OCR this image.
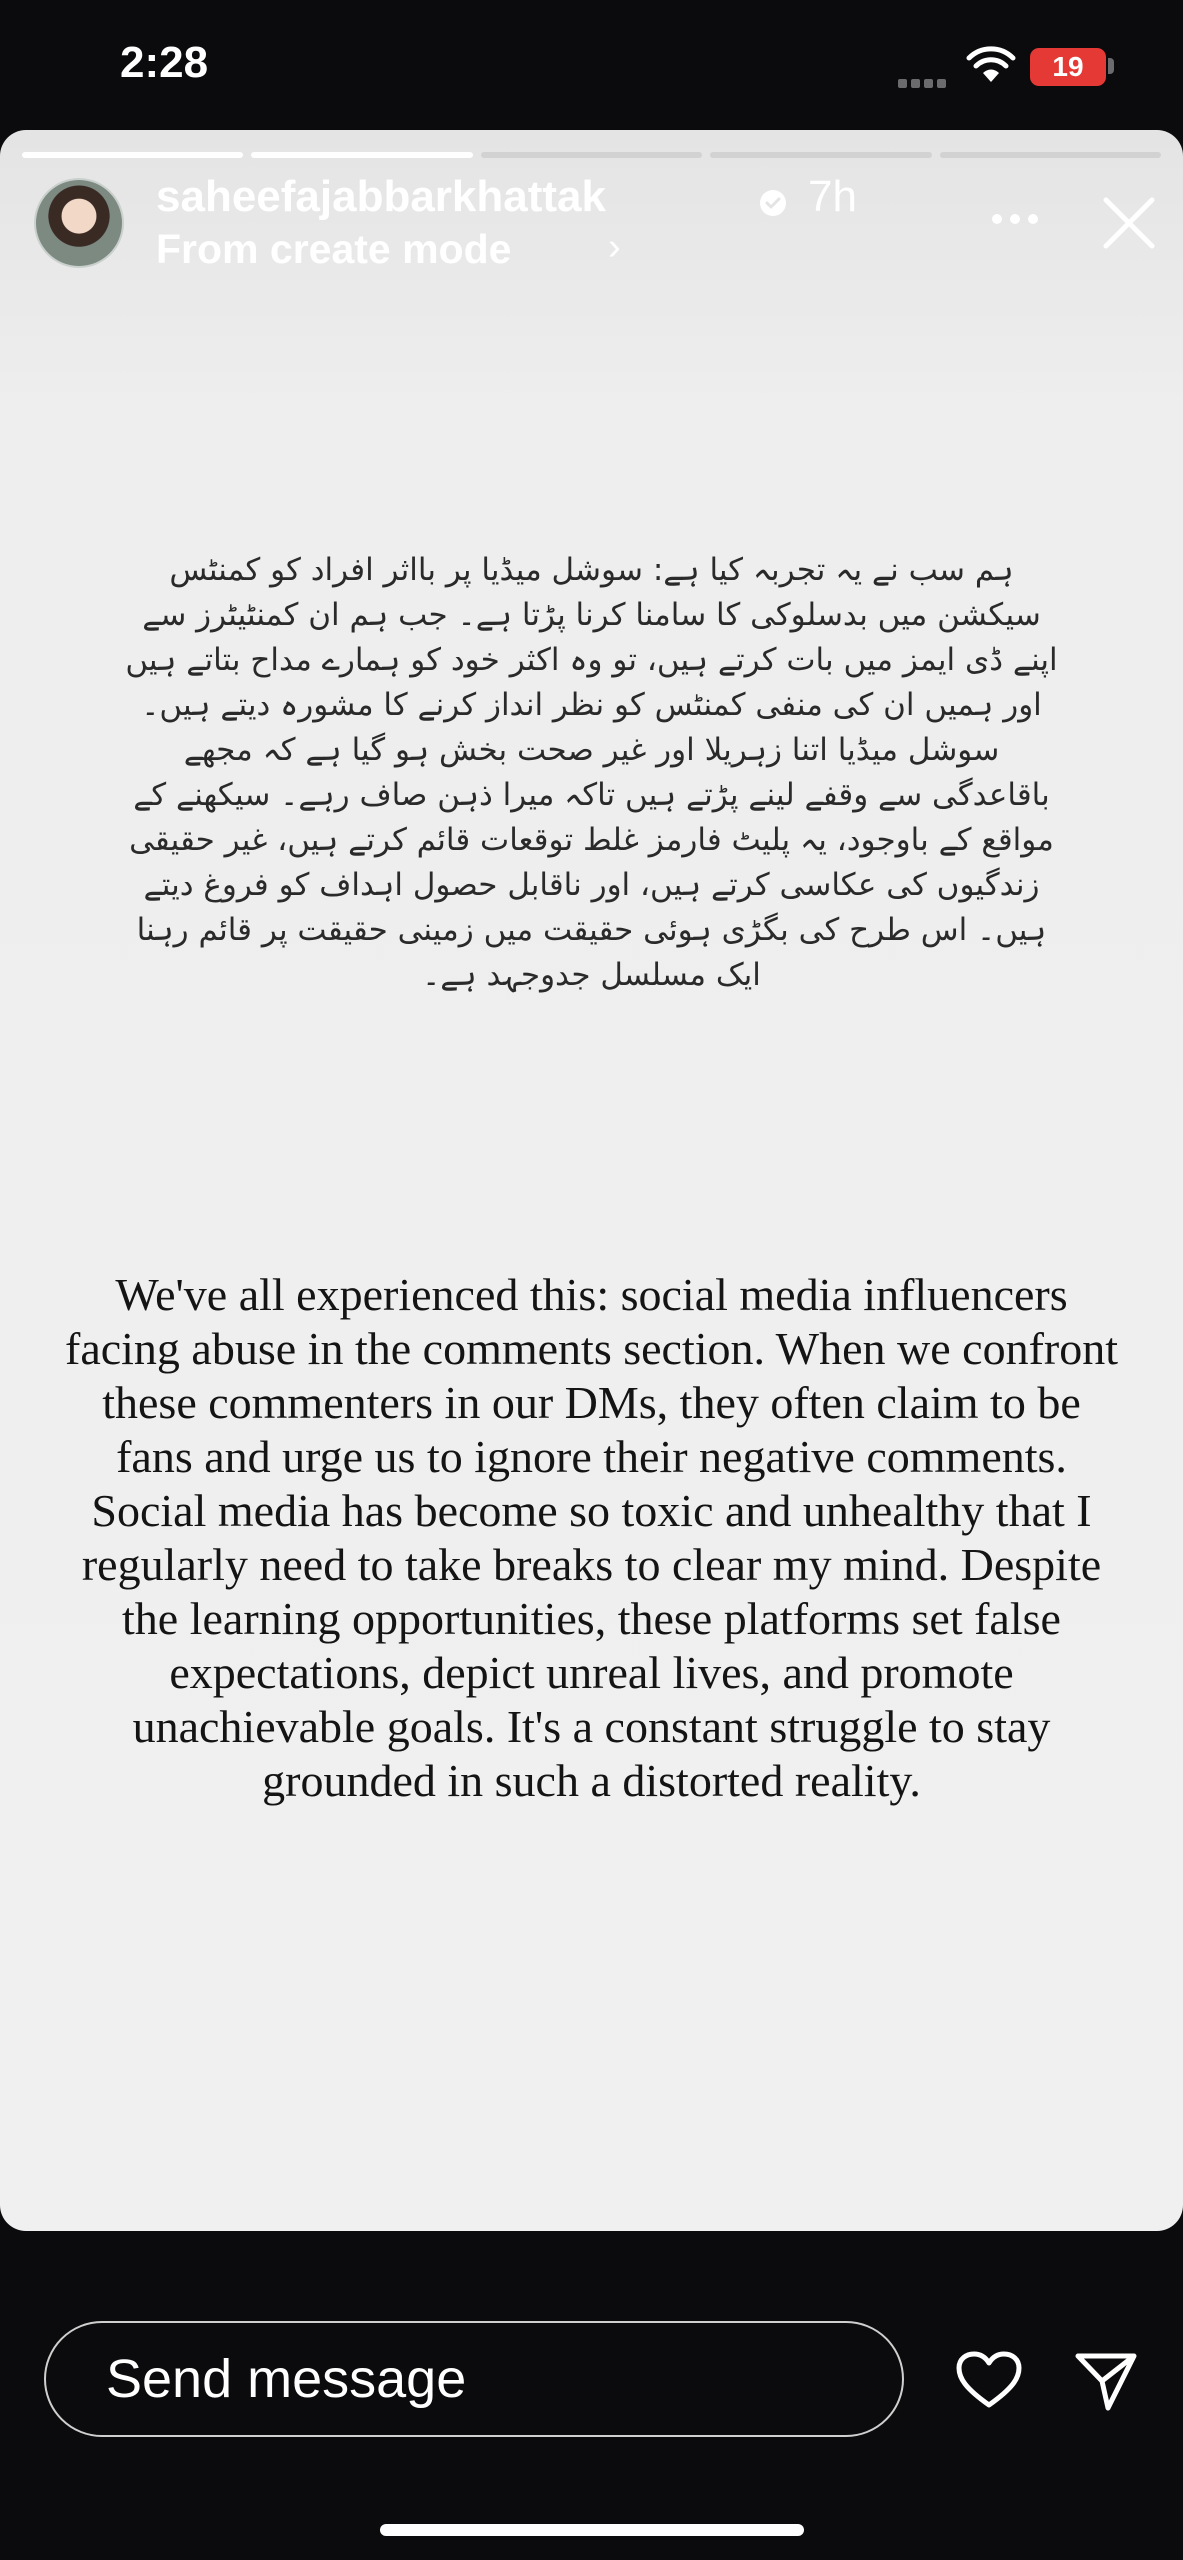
2:28	19
saheefajabbarkhattak	7h
From create mode	›
ہم سب نے یہ تجربہ کیا ہے: سوشل میڈیا پر بااثر افراد کو کمنٹس سیکشن میں بدسلوکی کا سامنا کرنا پڑتا ہے۔ جب ہم ان کمنٹیٹرز سے اپنے ڈی ایمز میں بات کرتے ہیں، تو وہ اکثر خود کو ہمارے مداح بتاتے ہیں اور ہمیں ان کی منفی کمنٹس کو نظر انداز کرنے کا مشورہ دیتے ہیں۔ سوشل میڈیا اتنا زہریلا اور غیر صحت بخش ہو گیا ہے کہ مجھے باقاعدگی سے وقفے لینے پڑتے ہیں تاکہ میرا ذہن صاف رہے۔ سیکھنے کے مواقع کے باوجود، یہ پلیٹ فارمز غلط توقعات قائم کرتے ہیں، غیر حقیقی زندگیوں کی عکاسی کرتے ہیں، اور ناقابل حصول اہداف کو فروغ دیتے ہیں۔ اس طرح کی بگڑی ہوئی حقیقت میں زمینی حقیقت پر قائم رہنا ایک مسلسل جدوجہد ہے۔
We've all experienced this: social media influencers facing abuse in the comments section. When we confront these commenters in our DMs, they often claim to be fans and urge us to ignore their negative comments. Social media has become so toxic and unhealthy that I regularly need to take breaks to clear my mind. Despite the learning opportunities, these platforms set false expectations, depict unreal lives, and promote unachievable goals. It's a constant struggle to stay grounded in such a distorted reality.
Send message
